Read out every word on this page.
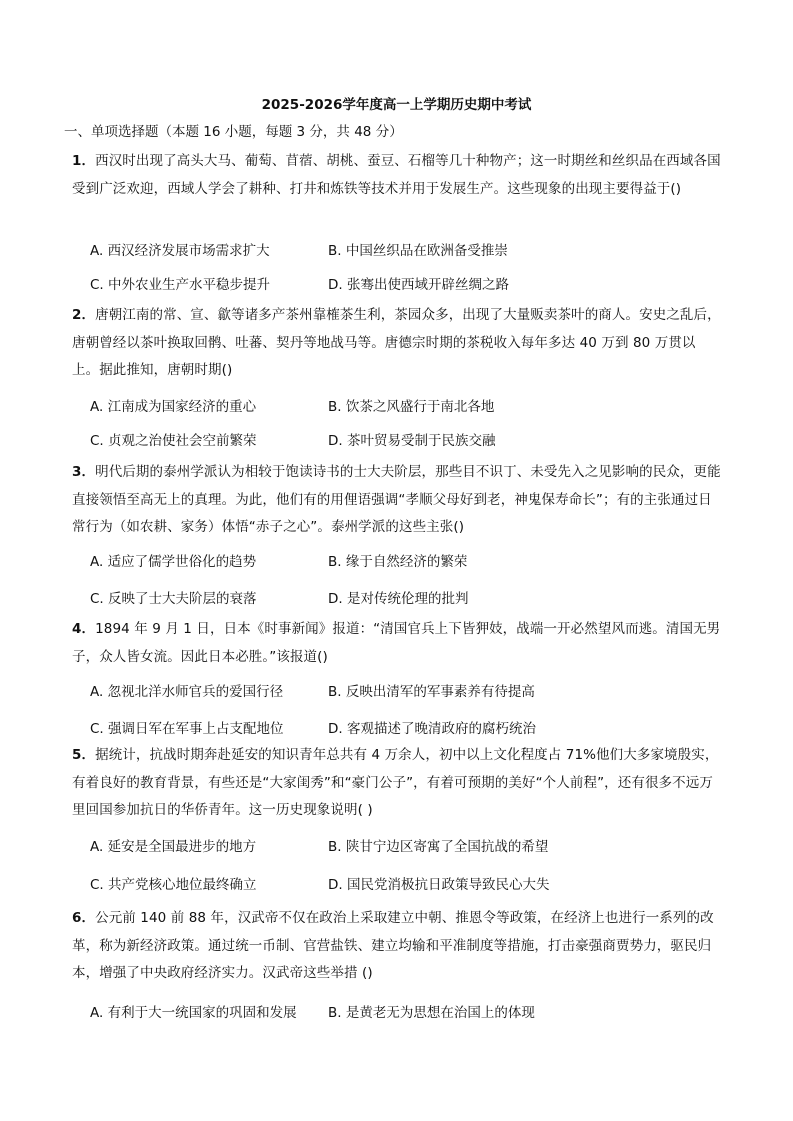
2025-2026学年度高一上学期历史期中考试
一、单项选择题（本题 16 小题，每题 3 分，共 48 分）
1．西汉时出现了高头大马、葡萄、苜蓿、胡桃、蚕豆、石榴等几十种物产；这一时期丝和丝织品在西域各国受到广泛欢迎，西域人学会了耕种、打井和炼铁等技术并用于发展生产。这些现象的出现主要得益于()
A. 西汉经济发展市场需求扩大	B. 中国丝织品在欧洲备受推崇
C. 中外农业生产水平稳步提升	D. 张骞出使西域开辟丝绸之路
2．唐朝江南的常、宣、歙等诸多产茶州靠榷茶生利，茶园众多，出现了大量贩卖茶叶的商人。安史之乱后，唐朝曾经以茶叶换取回鹘、吐蕃、契丹等地战马等。唐德宗时期的茶税收入每年多达 40 万到 80 万贯以上。据此推知，唐朝时期()
A. 江南成为国家经济的重心	B. 饮茶之风盛行于南北各地
C. 贞观之治使社会空前繁荣	D. 茶叶贸易受制于民族交融
3．明代后期的泰州学派认为相较于饱读诗书的士大夫阶层，那些目不识丁、未受先入之见影响的民众，更能直接领悟至高无上的真理。为此，他们有的用俚语强调“孝顺父母好到老，神鬼保寿命长”；有的主张通过日常行为（如农耕、家务）体悟“赤子之心”。泰州学派的这些主张()
A. 适应了儒学世俗化的趋势	B. 缘于自然经济的繁荣
C. 反映了士大夫阶层的衰落	D. 是对传统伦理的批判
4．1894 年 9 月 1 日，日本《时事新闻》报道：“清国官兵上下皆狎妓，战端一开必然望风而逃。清国无男子，众人皆女流。因此日本必胜。”该报道()
A. 忽视北洋水师官兵的爱国行径	B. 反映出清军的军事素养有待提高
C. 强调日军在军事上占支配地位	D. 客观描述了晚清政府的腐朽统治
5．据统计，抗战时期奔赴延安的知识青年总共有 4 万余人，初中以上文化程度占 71%他们大多家境殷实，有着良好的教育背景，有些还是“大家闺秀”和“豪门公子”，有着可预期的美好“个人前程”，还有很多不远万里回国参加抗日的华侨青年。这一历史现象说明( )
A. 延安是全国最进步的地方	B. 陕甘宁边区寄寓了全国抗战的希望
C. 共产党核心地位最终确立	D. 国民党消极抗日政策导致民心大失
6．公元前 140 前 88 年，汉武帝不仅在政治上采取建立中朝、推恩令等政策，在经济上也进行一系列的改革，称为新经济政策。通过统一币制、官营盐铁、建立均输和平准制度等措施，打击豪强商贾势力，驱民归本，增强了中央政府经济实力。汉武帝这些举措 ()
A. 有利于大一统国家的巩固和发展 B. 是黄老无为思想在治国上的体现
